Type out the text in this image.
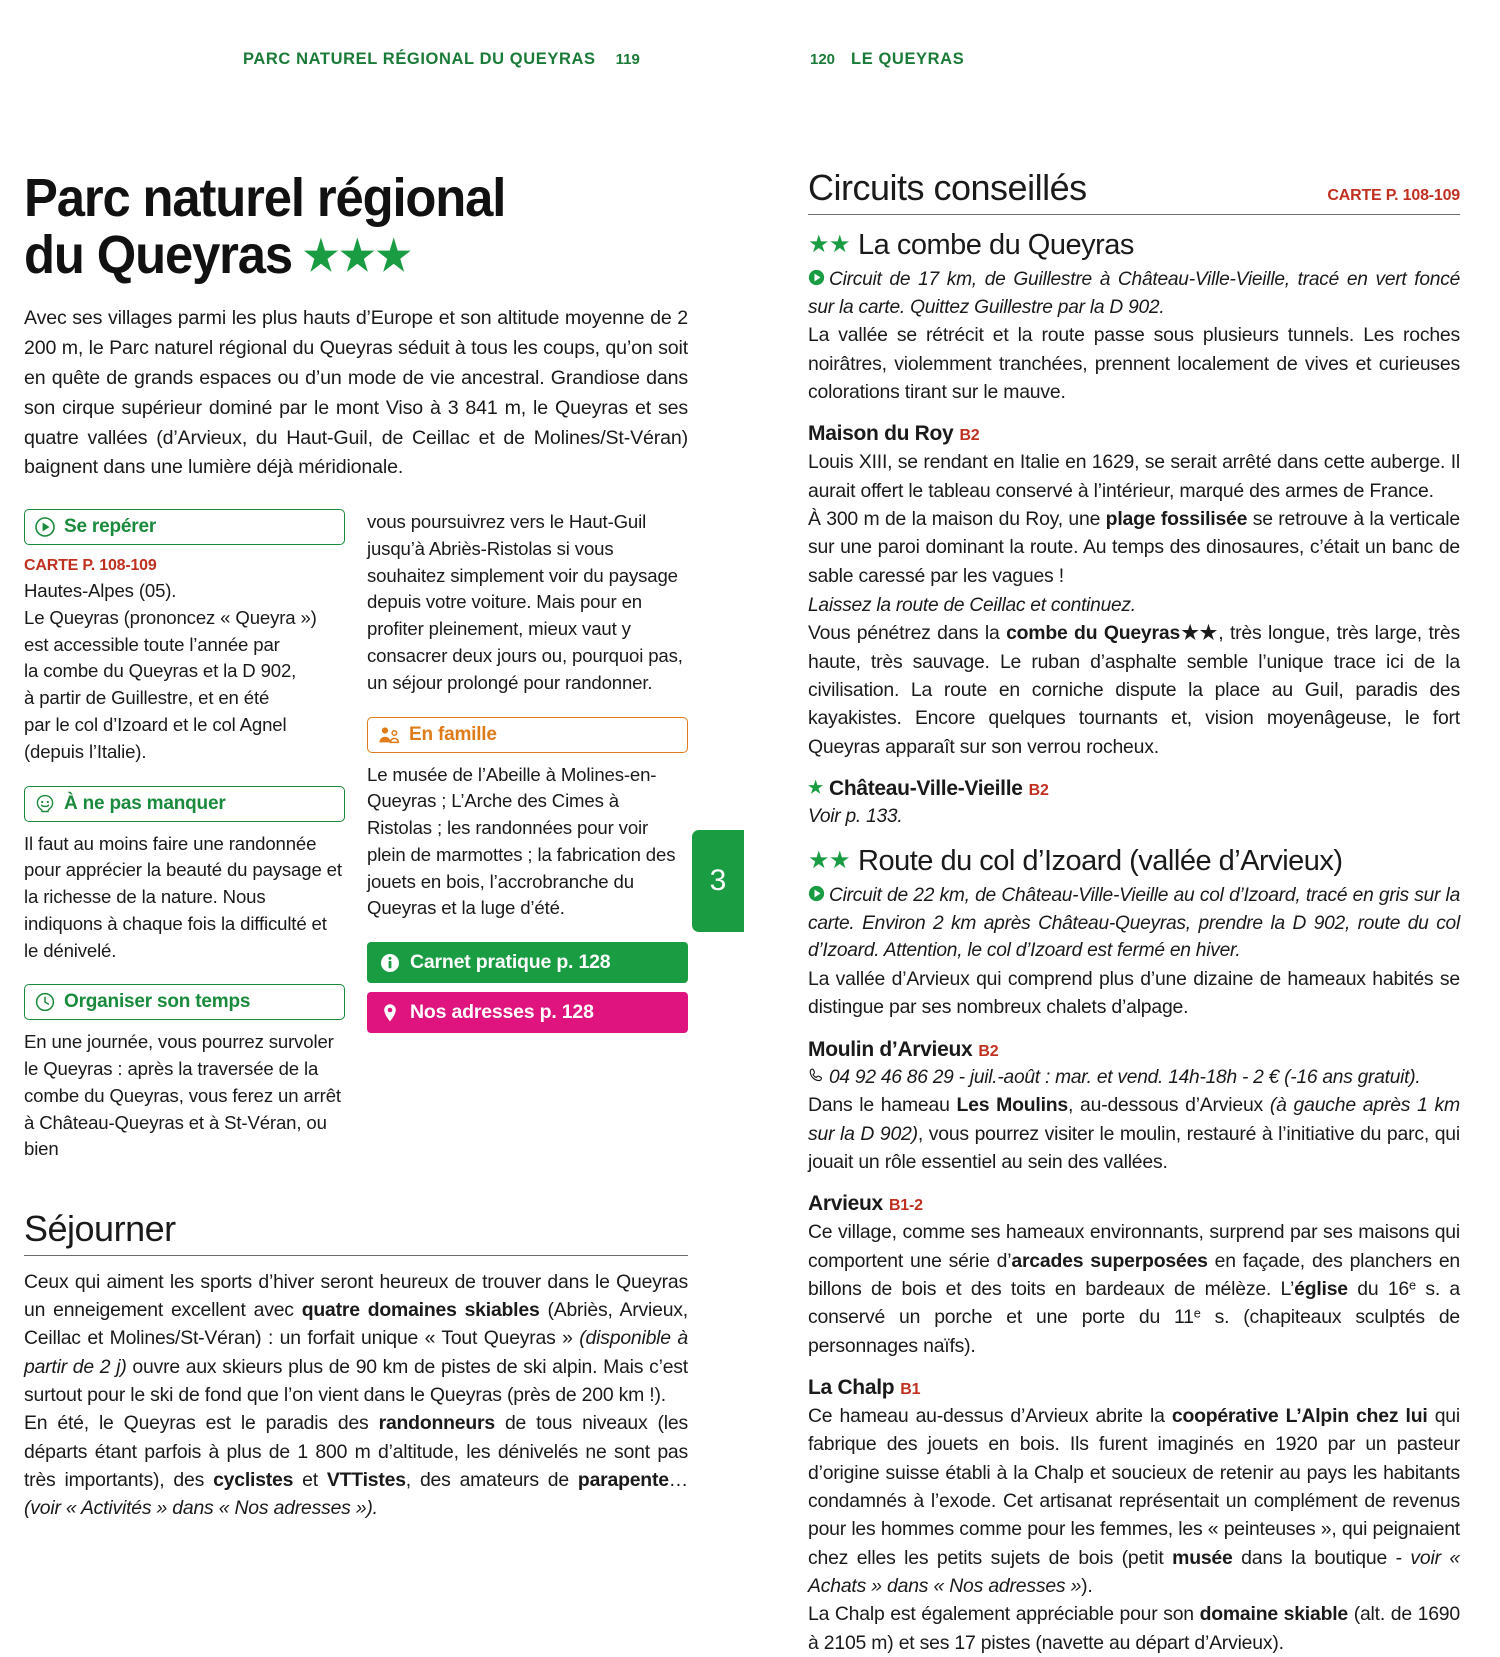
PARC NATUREL RÉGIONAL DU QUEYRAS 119	120 LE QUEYRAS
Parc naturel régional
du Queyras ★★★

Avec ses villages parmi les plus hauts d’Europe et son altitude moyenne de 2 200 m, le Parc naturel régional du Queyras séduit à tous les coups, qu’on soit en quête de grands espaces ou d’un mode de vie ancestral. Grandiose dans son cirque supérieur dominé par le mont Viso à 3 841 m, le Queyras et ses quatre vallées (d’Arvieux, du Haut-Guil, de Ceillac et de Molines/St-Véran) baignent dans une lumière déjà méridionale.

Se repérer

CARTE P. 108-109
Hautes-Alpes (05).
Le Queyras (prononcez « Queyra »)
est accessible toute l’année par
la combe du Queyras et la D 902,
à partir de Guillestre, et en été
par le col d’Izoard et le col Agnel
(depuis l’Italie).

À ne pas manquer

Il faut au moins faire une randonnée pour apprécier la beauté du paysage et la richesse de la nature. Nous indiquons à chaque fois la difficulté et le dénivelé.

Organiser son temps

En une journée, vous pourrez survoler le Queyras : après la traversée de la combe du Queyras, vous ferez un arrêt à Château-Queyras et à St-Véran, ou bien

vous poursuivrez vers le Haut-Guil jusqu’à Abriès-Ristolas si vous souhaitez simplement voir du paysage depuis votre voiture. Mais pour en profiter pleinement, mieux vaut y consacrer deux jours ou, pourquoi pas, un séjour prolongé pour randonner.

En famille

Le musée de l’Abeille à Molines-en-Queyras ; L’Arche des Cimes à Ristolas ; les randonnées pour voir plein de marmottes ; la fabrication des jouets en bois, l’accrobranche du Queyras et la luge d’été.

Carnet pratique p. 128
Nos adresses p. 128
Séjourner

Ceux qui aiment les sports d’hiver seront heureux de trouver dans le Queyras un enneigement excellent avec quatre domaines skiables (Abriès, Arvieux, Ceillac et Molines/St-Véran) : un forfait unique « Tout Queyras » (disponible à partir de 2 j) ouvre aux skieurs plus de 90 km de pistes de ski alpin. Mais c’est surtout pour le ski de fond que l’on vient dans le Queyras (près de 200 km !).

En été, le Queyras est le paradis des randonneurs de tous niveaux (les départs étant parfois à plus de 1 800 m d’altitude, les dénivelés ne sont pas très importants), des cyclistes et VTTistes, des amateurs de parapente… (voir « Activités » dans « Nos adresses »).

3
Circuits conseillés	CARTE P. 108-109
★★ La combe du Queyras

Circuit de 17 km, de Guillestre à Château-Ville-Vieille, tracé en vert foncé sur la carte. Quittez Guillestre par la D 902.

La vallée se rétrécit et la route passe sous plusieurs tunnels. Les roches noirâtres, violemment tranchées, prennent localement de vives et curieuses colorations tirant sur le mauve.

Maison du Roy B2

Louis XIII, se rendant en Italie en 1629, se serait arrêté dans cette auberge. Il aurait offert le tableau conservé à l’intérieur, marqué des armes de France.

À 300 m de la maison du Roy, une plage fossilisée se retrouve à la verticale sur une paroi dominant la route. Au temps des dinosaures, c’était un banc de sable caressé par les vagues !

Laissez la route de Ceillac et continuez.

Vous pénétrez dans la combe du Queyras★★, très longue, très large, très haute, très sauvage. Le ruban d’asphalte semble l’unique trace ici de la civilisation. La route en corniche dispute la place au Guil, paradis des kayakistes. Encore quelques tournants et, vision moyenâgeuse, le fort Queyras apparaît sur son verrou rocheux.

★ Château-Ville-Vieille B2

Voir p. 133.

★★ Route du col d’Izoard (vallée d’Arvieux)

Circuit de 22 km, de Château-Ville-Vieille au col d’Izoard, tracé en gris sur la carte. Environ 2 km après Château-Queyras, prendre la D 902, route du col d’Izoard. Attention, le col d’Izoard est fermé en hiver.

La vallée d’Arvieux qui comprend plus d’une dizaine de hameaux habités se distingue par ses nombreux chalets d’alpage.

Moulin d’Arvieux B2

04 92 46 86 29 - juil.-août : mar. et vend. 14h-18h - 2 € (-16 ans gratuit).

Dans le hameau Les Moulins, au-dessous d’Arvieux (à gauche après 1 km sur la D 902), vous pourrez visiter le moulin, restauré à l’initiative du parc, qui jouait un rôle essentiel au sein des vallées.

Arvieux B1-2

Ce village, comme ses hameaux environnants, surprend par ses maisons qui comportent une série d’arcades superposées en façade, des planchers en billons de bois et des toits en bardeaux de mélèze. L’église du 16e s. a conservé un porche et une porte du 11e s. (chapiteaux sculptés de personnages naïfs).

La Chalp B1

Ce hameau au-dessus d’Arvieux abrite la coopérative L’Alpin chez lui qui fabrique des jouets en bois. Ils furent imaginés en 1920 par un pasteur d’origine suisse établi à la Chalp et soucieux de retenir au pays les habitants condamnés à l’exode. Cet artisanat représentait un complément de revenus pour les hommes comme pour les femmes, les « peinteuses », qui peignaient chez elles les petits sujets de bois (petit musée dans la boutique - voir « Achats » dans « Nos adresses »).

La Chalp est également appréciable pour son domaine skiable (alt. de 1690 à 2105 m) et ses 17 pistes (navette au départ d’Arvieux).
